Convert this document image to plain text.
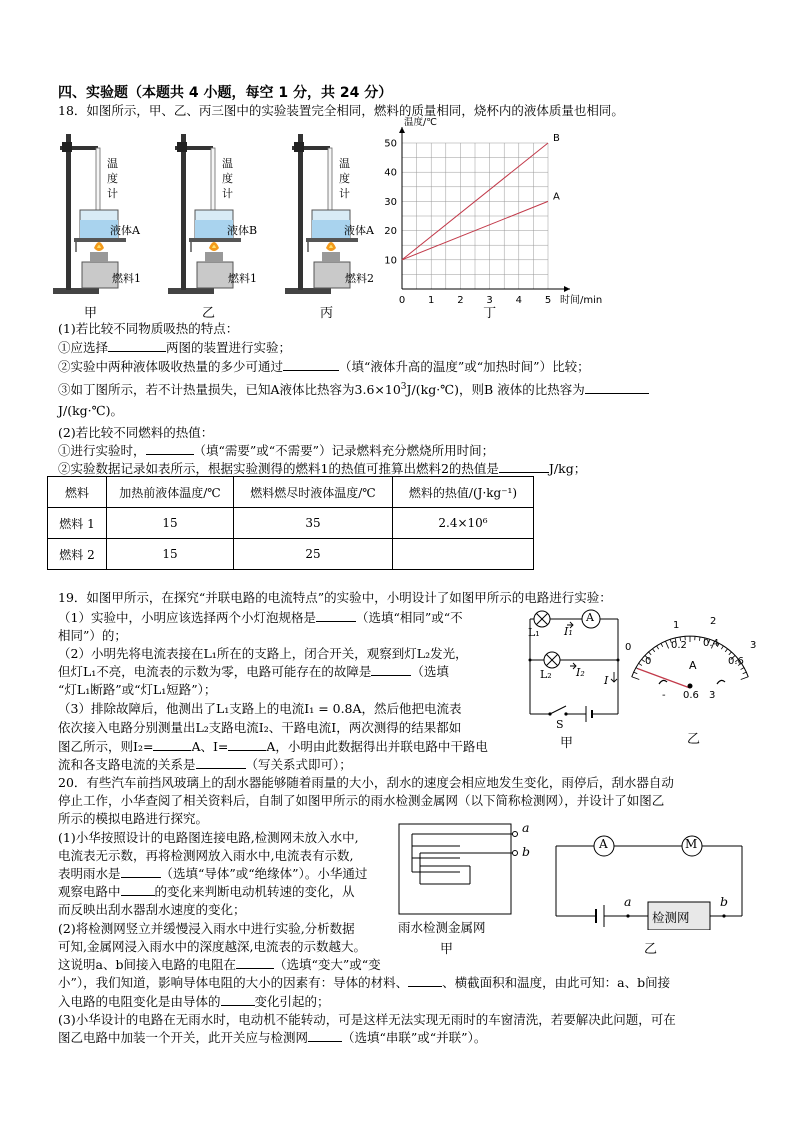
四、实验题（本题共 4 小题，每空 1 分，共 24 分）
18．如图所示，甲、乙、丙三图中的实验装置完全相同，燃料的质量相同，烧杯内的液体质量也相同。
温度计
液体A
燃料1
甲
温度计
液体B
燃料1
乙
温度计
液体A
燃料2
丙
0 1 2 3 4 5
10
20
30
40
50
温度/℃
时间/min
丁
A
B
(1)若比较不同物质吸热的特点：
①应选择	两图的装置进行实验；
②实验中两种液体吸收热量的多少可通过	（填“液体升高的温度”或“加热时间”）比较；
③如丁图所示，若不计热量损失，已知A液体比热容为$3.6\times 10^3J/(kg\cdot℃)$，则B 液体的比热容为
J/(kg·℃)。
(2)若比较不同燃料的热值：
①进行实验时，	（填“需要”或“不需要”）记录燃料充分燃烧所用时间；
②实验数据记录如表所示，根据实验测得的燃料1的热值可推算出燃料2的热值是	J/kg；
燃料	加热前液体温度/℃	燃料燃尽时液体温度/℃	燃料的热值/(J·kg⁻¹)
燃料 1	15	35	2.4×10⁶
燃料 2	15	25	
19．如图甲所示，在探究“并联电路的电流特点”的实验中，小明设计了如图甲所示的电路进行实验：
（1）实验中，小明应该选择两个小灯泡规格是	（选填“相同”或“不
相同”）的；
（2）小明先将电流表接在L₁所在的支路上，闭合开关，观察到灯L₂发光，
但灯L₁不亮，电流表的示数为零，电路可能存在的故障是	（选填
“灯L₁断路”或“灯L₁短路”）；
（3）排除故障后，他测出了L₁支路上的电流I₁ = 0.8A，然后他把电流表
依次接入电路分别测量出L₂支路电流I₂、干路电流I，两次测得的结果都如
图乙所示，则I₂=	A、I=	A，小明由此数据得出并联电路中干路电
流和各支路电流的关系是	（写关系式即可）；
A
L₁ I₁
L₂ I₂
I
S
甲
0
0
1	2
3
0.2 0.4
0.6
A
- 0.6 3
乙
20．有些汽车前挡风玻璃上的刮水器能够随着雨量的大小，刮水的速度会相应地发生变化，雨停后，刮水器自动
停止工作，小华查阅了相关资料后，自制了如图甲所示的雨水检测金属网（以下简称检测网），并设计了如图乙
所示的模拟电路进行探究。
(1)小华按照设计的电路图连接电路,检测网未放入水中,
电流表无示数，再将检测网放入雨水中,电流表有示数,
表明雨水是	（选填“导体”或“绝缘体”）。小华通过
观察电路中	的变化来判断电动机转速的变化，从
而反映出刮水器刮水速度的变化；
(2)将检测网竖立并缓慢浸入雨水中进行实验,分析数据
可知,金属网浸入雨水中的深度越深,电流表的示数越大。
这说明a、b间接入电路的电阻在	（选填“变大”或“变
小”），我们知道，影响导体电阻的大小的因素有：导体的材料、	、横截面积和温度，由此可知：a、b间接
入电路的电阻变化是由导体的	变化引起的；
(3)小华设计的电路在无雨水时，电动机不能转动，可是这样无法实现无雨时的车窗清洗，若要解决此问题，可在
图乙电路中加装一个开关，此开关应与检测网	（选填“串联”或“并联”）。
a
b
雨水检测金属网
甲
A	M
检测网
a	b
乙
